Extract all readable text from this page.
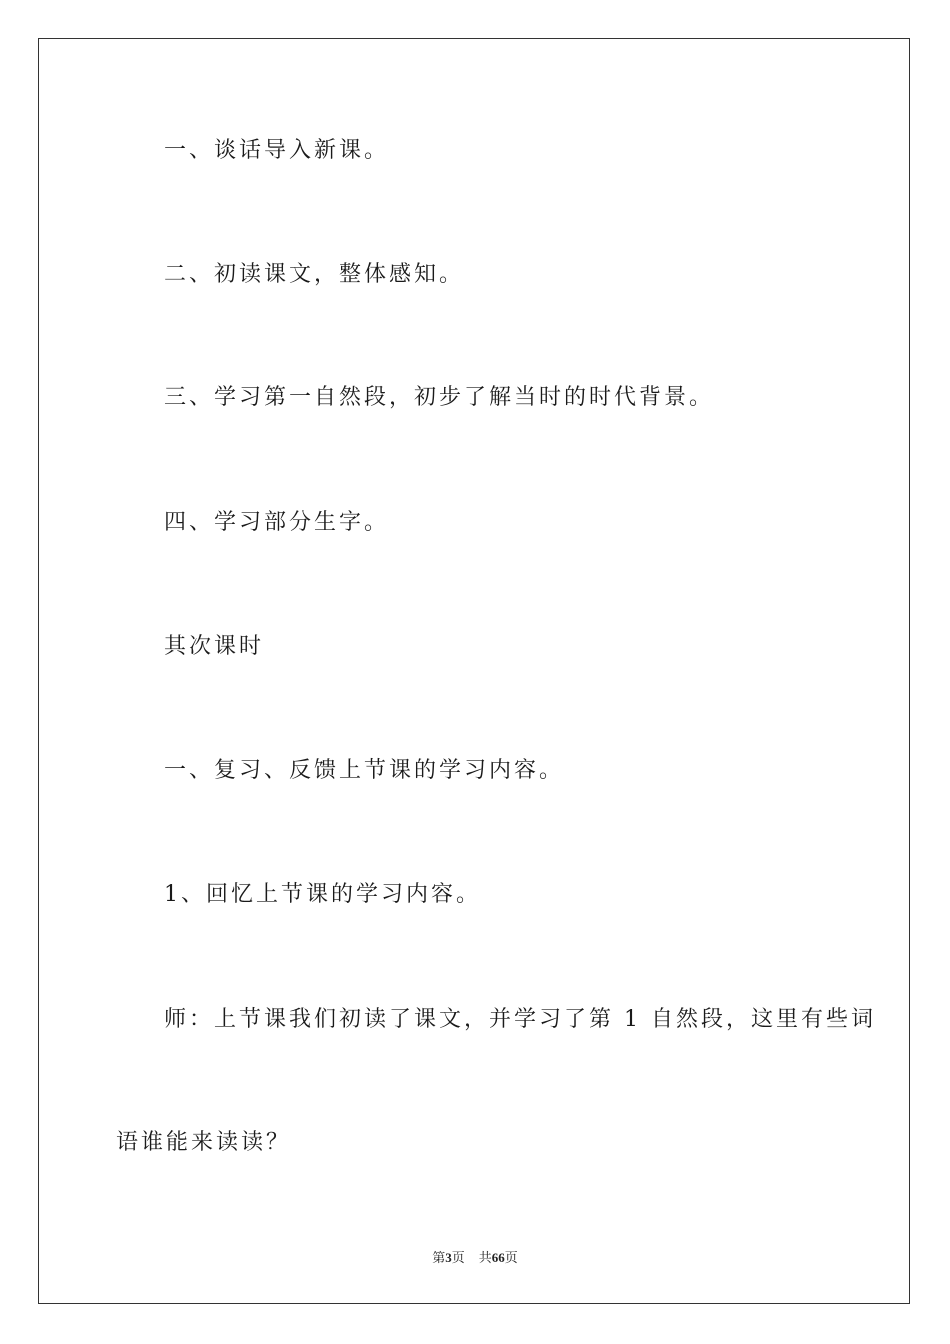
一、谈话导入新课。
二、初读课文，整体感知。
三、学习第一自然段，初步了解当时的时代背景。
四、学习部分生字。
其次课时
一、复习、反馈上节课的学习内容。
1、回忆上节课的学习内容。
师：上节课我们初读了课文，并学习了第 1 自然段，这里有些词
语谁能来读读？
第3页 共66页
